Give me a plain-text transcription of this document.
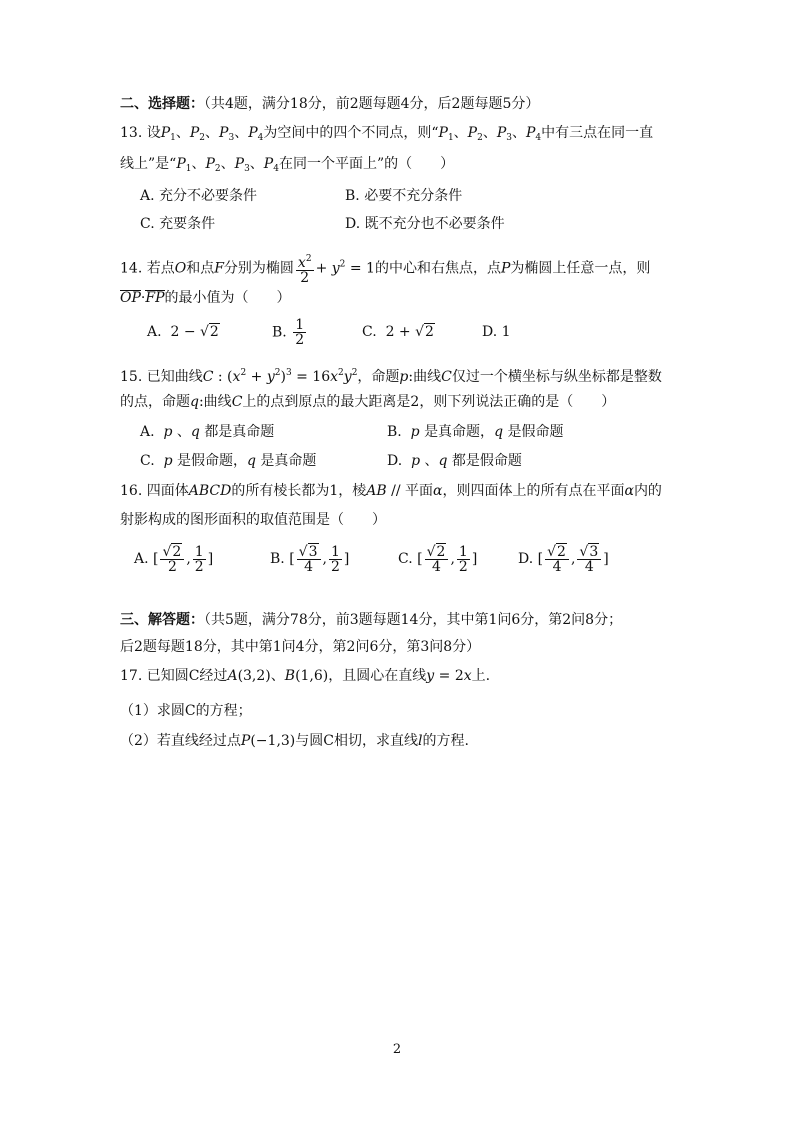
二、选择题：（共4题，满分18分，前2题每题4分，后2题每题5分）
13. 设$P_1$、$P_2$、$P_3$、$P_4$为空间中的四个不同点，则“$P_1$、$P_2$、$P_3$、$P_4$中有三点在同一直
线上”是“$P_1$、$P_2$、$P_3$、$P_4$在同一个平面上”的（　　）
A. 充分不必要条件	B. 必要不充分条件
C. 充要条件	D. 既不充分也不必要条件
14. 若点O和点F分别为椭圆 $\frac{x^2}{2} + y^2 = 1$的中心和右焦点，点P为椭圆上任意一点，则
OP·FP的最小值为（　　）
A.  2 − √2	B. $\frac{1}{2}$	C.  2 + √2	D. 1
15. 已知曲线C : $(x^2 + y^2)^3 = 16x^2y^2$，命题p:曲线C仅过一个横坐标与纵坐标都是整数
的点，命题q:曲线C上的点到原点的最大距离是2，则下列说法正确的是（　　）
A.  p 、q 都是真命题	B.  p 是真命题，q 是假命题
C.  p 是假命题，q 是真命题	D.  p 、q 都是假命题
16. 四面体ABCD的所有棱长都为1，棱AB // 平面α，则四面体上的所有点在平面α内的
射影构成的图形面积的取值范围是（　　）
A. [ $\frac{√2}{2}$ , $\frac{1}{2}$ ]	B. [ $\frac{√3}{4}$ , $\frac{1}{2}$ ]	C. [ $\frac{√2}{4}$ , $\frac{1}{2}$ ]	D. [ $\frac{√2}{4}$ , $\frac{√3}{4}$ ]
三、解答题：（共5题，满分78分，前3题每题14分，其中第1问6分，第2问8分；
后2题每题18分，其中第1问4分，第2问6分，第3问8分）
17. 已知圆C经过A(3,2)、B(1,6)，且圆心在直线y = 2x上.
（1）求圆C的方程；
（2）若直线经过点P(−1,3)与圆C相切，求直线l的方程.
2
